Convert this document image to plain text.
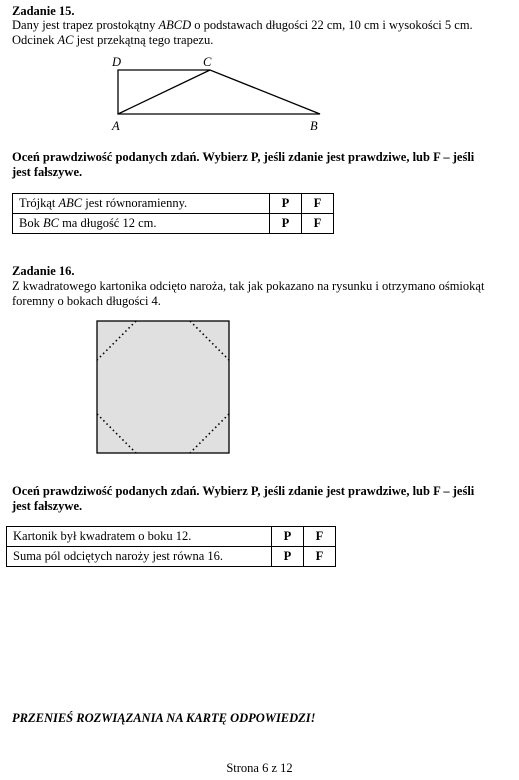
Zadanie 15.
Dany jest trapez prostokątny ABCD o podstawach długości 22 cm, 10 cm i wysokości 5 cm.
Odcinek AC jest przekątną tego trapezu.
D	C
A	B
Oceń prawdziwość podanych zdań. Wybierz P, jeśli zdanie jest prawdziwe, lub F – jeśli
jest fałszywe.
Trójkąt ABC jest równoramienny.	P	F
Bok BC ma długość 12 cm.	P	F
Zadanie 16.
Z kwadratowego kartonika odcięto naroża, tak jak pokazano na rysunku i otrzymano ośmiokąt
foremny o bokach długości 4.
Oceń prawdziwość podanych zdań. Wybierz P, jeśli zdanie jest prawdziwe, lub F – jeśli
jest fałszywe.
Kartonik był kwadratem o boku 12.	P	F
Suma pól odciętych naroży jest równa 16.	P	F
PRZENIEŚ ROZWIĄZANIA NA KARTĘ ODPOWIEDZI!
Strona 6 z 12
